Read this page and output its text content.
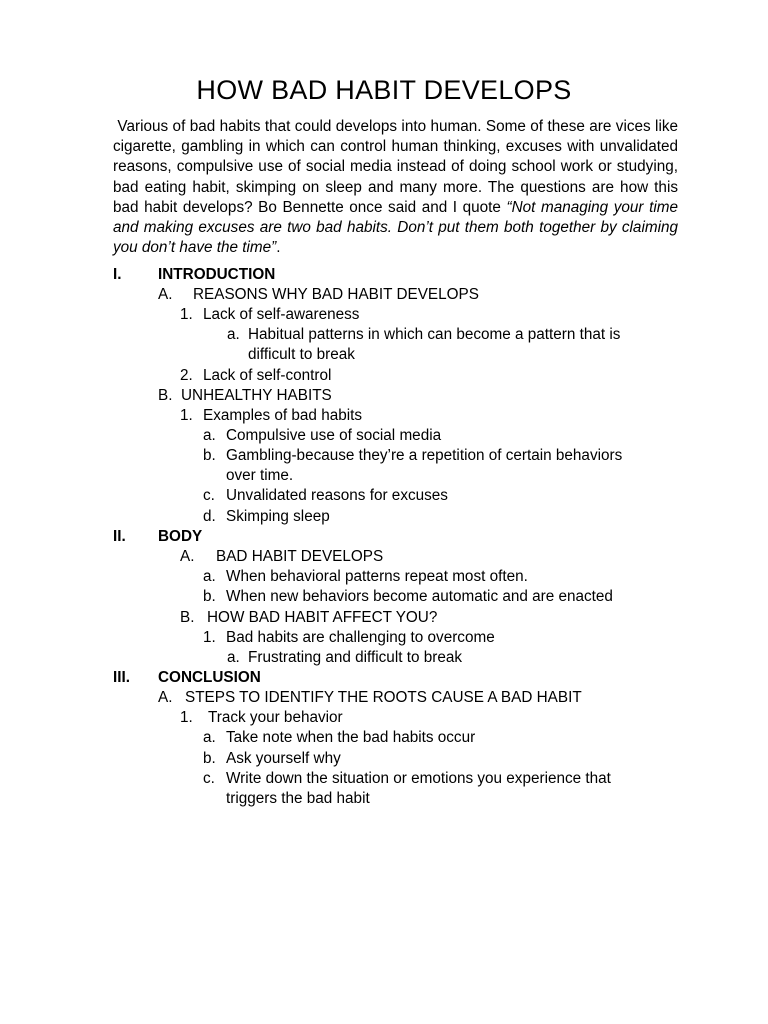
HOW BAD HABIT DEVELOPS
Various of bad habits that could develops into human. Some of these are vices like cigarette, gambling in which can control human thinking, excuses with unvalidated reasons, compulsive use of social media instead of doing school work or studying, bad eating habit, skimping on sleep and many more. The questions are how this bad habit develops? Bo Bennette once said and I quote “Not managing your time and making excuses are two bad habits. Don’t put them both together by claiming you don’t have the time”.
I. INTRODUCTION
A. REASONS WHY BAD HABIT DEVELOPS
1. Lack of self-awareness
a. Habitual patterns in which can become a pattern that is
difficult to break
2. Lack of self-control
B. UNHEALTHY HABITS
1. Examples of bad habits
a. Compulsive use of social media
b. Gambling-because they’re a repetition of certain behaviors
over time.
c. Unvalidated reasons for excuses
d. Skimping sleep
II. BODY
A. BAD HABIT DEVELOPS
a. When behavioral patterns repeat most often.
b. When new behaviors become automatic and are enacted
B. HOW BAD HABIT AFFECT YOU?
1. Bad habits are challenging to overcome
a. Frustrating and difficult to break
III. CONCLUSION
A. STEPS TO IDENTIFY THE ROOTS CAUSE A BAD HABIT
1. Track your behavior
a. Take note when the bad habits occur
b. Ask yourself why
c. Write down the situation or emotions you experience that
triggers the bad habit
